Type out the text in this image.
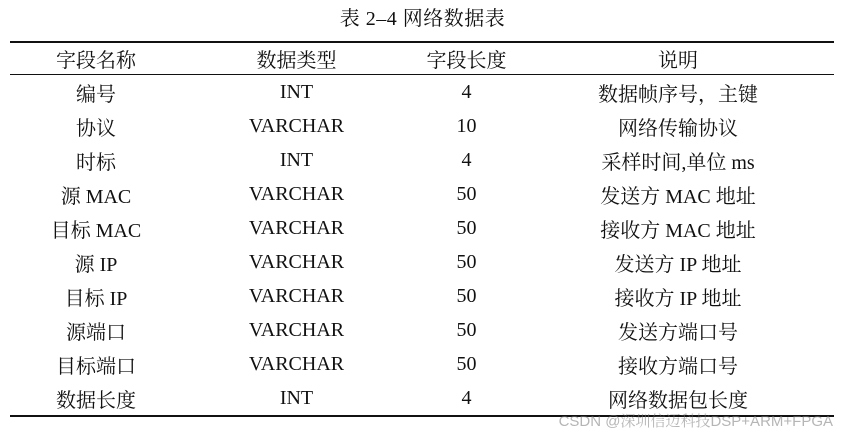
表 2–4 网络数据表
字段名称	数据类型	字段长度	说明
编号	INT	4	数据帧序号，主键
协议	VARCHAR	10	网络传输协议
时标	INT	4	采样时间,单位 ms
源 MAC	VARCHAR	50	发送方 MAC 地址
目标 MAC	VARCHAR	50	接收方 MAC 地址
源 IP	VARCHAR	50	发送方 IP 地址
目标 IP	VARCHAR	50	接收方 IP 地址
源端口	VARCHAR	50	发送方端口号
目标端口	VARCHAR	50	接收方端口号
数据长度	INT	4	网络数据包长度
CSDN @深圳信迈科技DSP+ARM+FPGA
